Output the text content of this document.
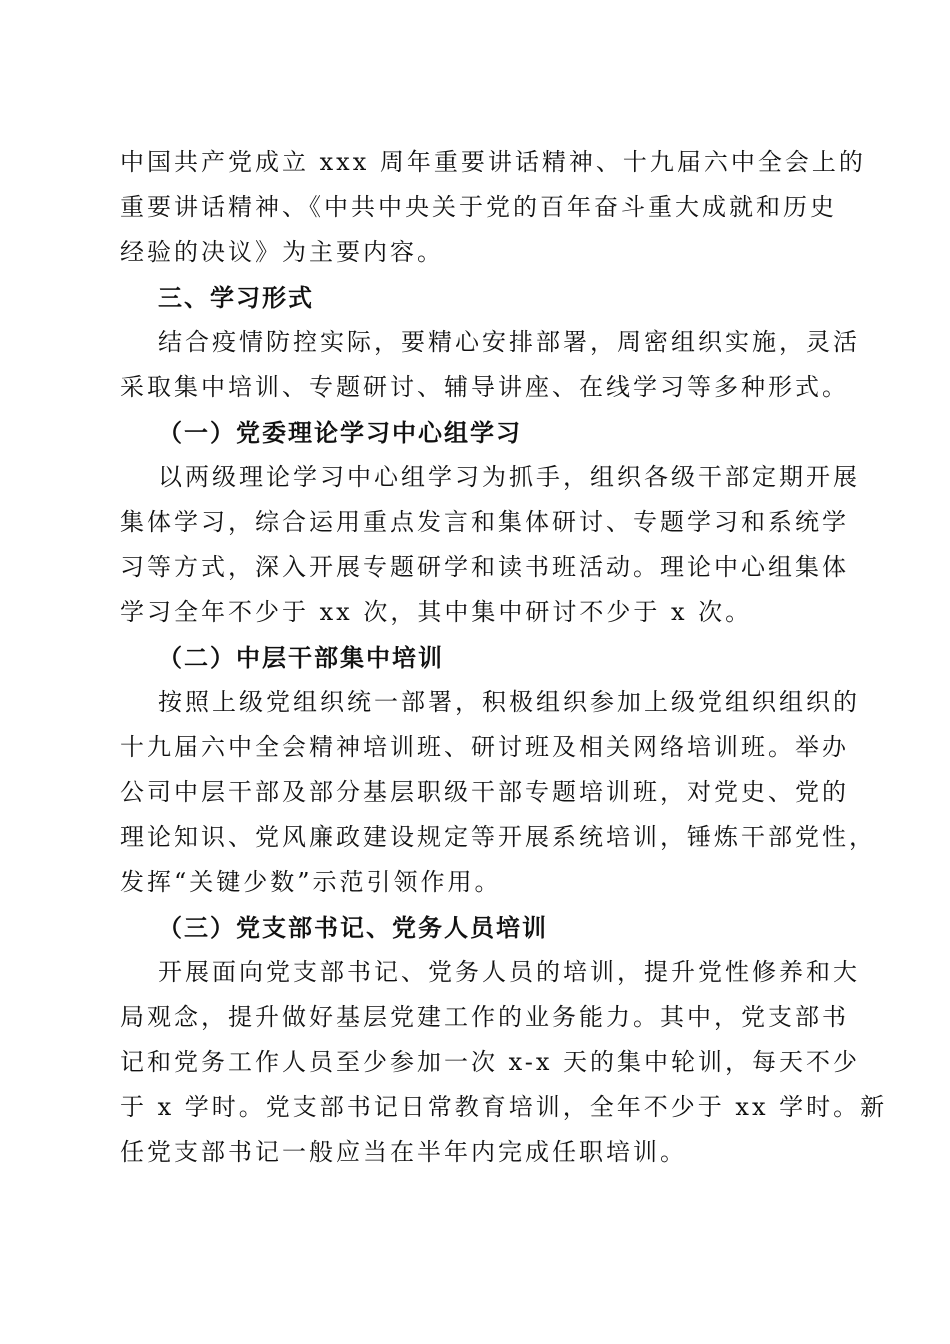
中国共产党成立 xxx 周年重要讲话精神、十九届六中全会上的
重要讲话精神、《中共中央关于党的百年奋斗重大成就和历史
经验的决议》为主要内容。
三、学习形式
结合疫情防控实际，要精心安排部署，周密组织实施，灵活
采取集中培训、专题研讨、辅导讲座、在线学习等多种形式。
（一）党委理论学习中心组学习
以两级理论学习中心组学习为抓手，组织各级干部定期开展
集体学习，综合运用重点发言和集体研讨、专题学习和系统学
习等方式，深入开展专题研学和读书班活动。理论中心组集体
学习全年不少于 xx 次，其中集中研讨不少于 x 次。
（二）中层干部集中培训
按照上级党组织统一部署，积极组织参加上级党组织组织的
十九届六中全会精神培训班、研讨班及相关网络培训班。举办
公司中层干部及部分基层职级干部专题培训班，对党史、党的
理论知识、党风廉政建设规定等开展系统培训，锤炼干部党性，
发挥“关键少数”示范引领作用。
（三）党支部书记、党务人员培训
开展面向党支部书记、党务人员的培训，提升党性修养和大
局观念，提升做好基层党建工作的业务能力。其中，党支部书
记和党务工作人员至少参加一次 x-x 天的集中轮训，每天不少
于 x 学时。党支部书记日常教育培训，全年不少于 xx 学时。新
任党支部书记一般应当在半年内完成任职培训。
